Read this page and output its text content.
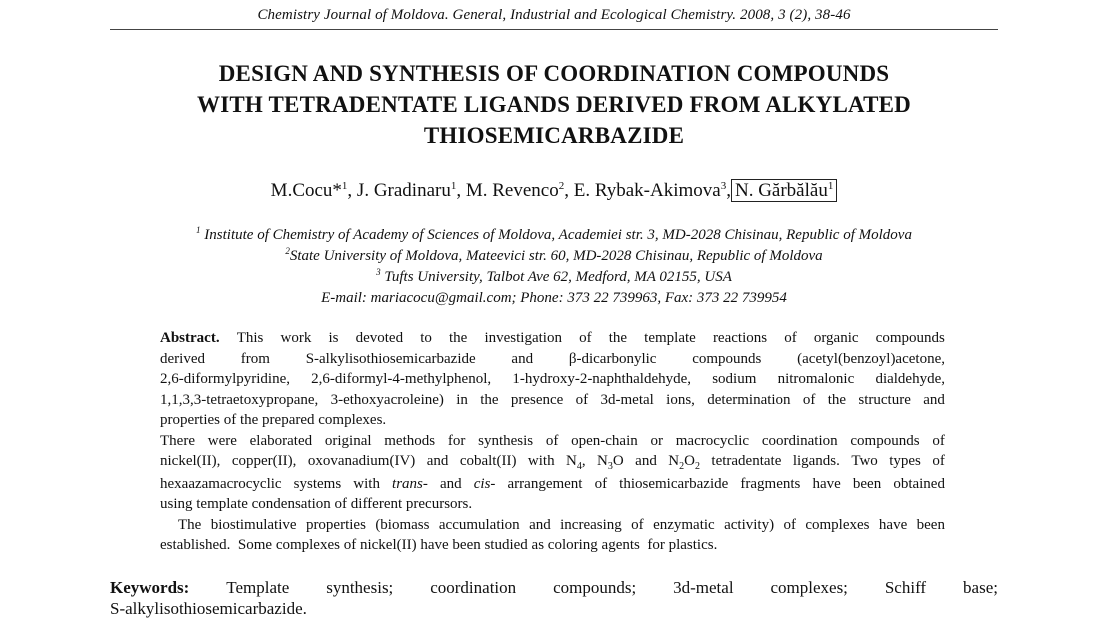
Chemistry Journal of Moldova. General, Industrial and Ecological Chemistry. 2008, 3 (2), 38-46
DESIGN AND SYNTHESIS OF COORDINATION COMPOUNDS
WITH TETRADENTATE LIGANDS DERIVED FROM ALKYLATED
THIOSEMICARBAZIDE
M.Cocu*$^1$, J. Gradinaru$^1$, M. Revenco$^2$, E. Rybak-Akimova$^3$, N. Gărbălău$^1$
$^1$ Institute of Chemistry of Academy of Sciences of Moldova, Academiei str. 3, MD-2028 Chisinau, Republic of Moldova
$^2$State University of Moldova, Mateevici str. 60, MD-2028 Chisinau, Republic of Moldova
$^3$ Tufts University, Talbot Ave 62, Medford, MA 02155, USA
E-mail: mariacocu@gmail.com; Phone: 373 22 739963, Fax: 373 22 739954
Abstract. This work is devoted to the investigation of the template reactions of organic compounds
derived from S-alkylisothiosemicarbazide and β-dicarbonylic compounds (acetyl(benzoyl)acetone,
2,6-diformylpyridine, 2,6-diformyl-4-methylphenol, 1-hydroxy-2-naphthaldehyde, sodium nitromalonic dialdehyde,
1,1,3,3-tetraetoxypropane, 3-ethoxyacroleine) in the presence of 3d-metal ions, determination of the structure and
properties of the prepared complexes.
There were elaborated original methods for synthesis of open-chain or macrocyclic coordination compounds of
nickel(II), copper(II), oxovanadium(IV) and cobalt(II) with $N_4$, $N_3O$ and $N_2O_2$ tetradentate ligands. Two types of
hexaazamacrocyclic systems with trans- and cis- arrangement of thiosemicarbazide fragments have been obtained
using template condensation of different precursors.
The biostimulative properties (biomass accumulation and increasing of enzymatic activity) of complexes have been
established.  Some complexes of nickel(II) have been studied as coloring agents  for plastics.
Keywords: Template synthesis; coordination compounds; 3d-metal complexes; Schiff base;
S-alkylisothiosemicarbazide.
